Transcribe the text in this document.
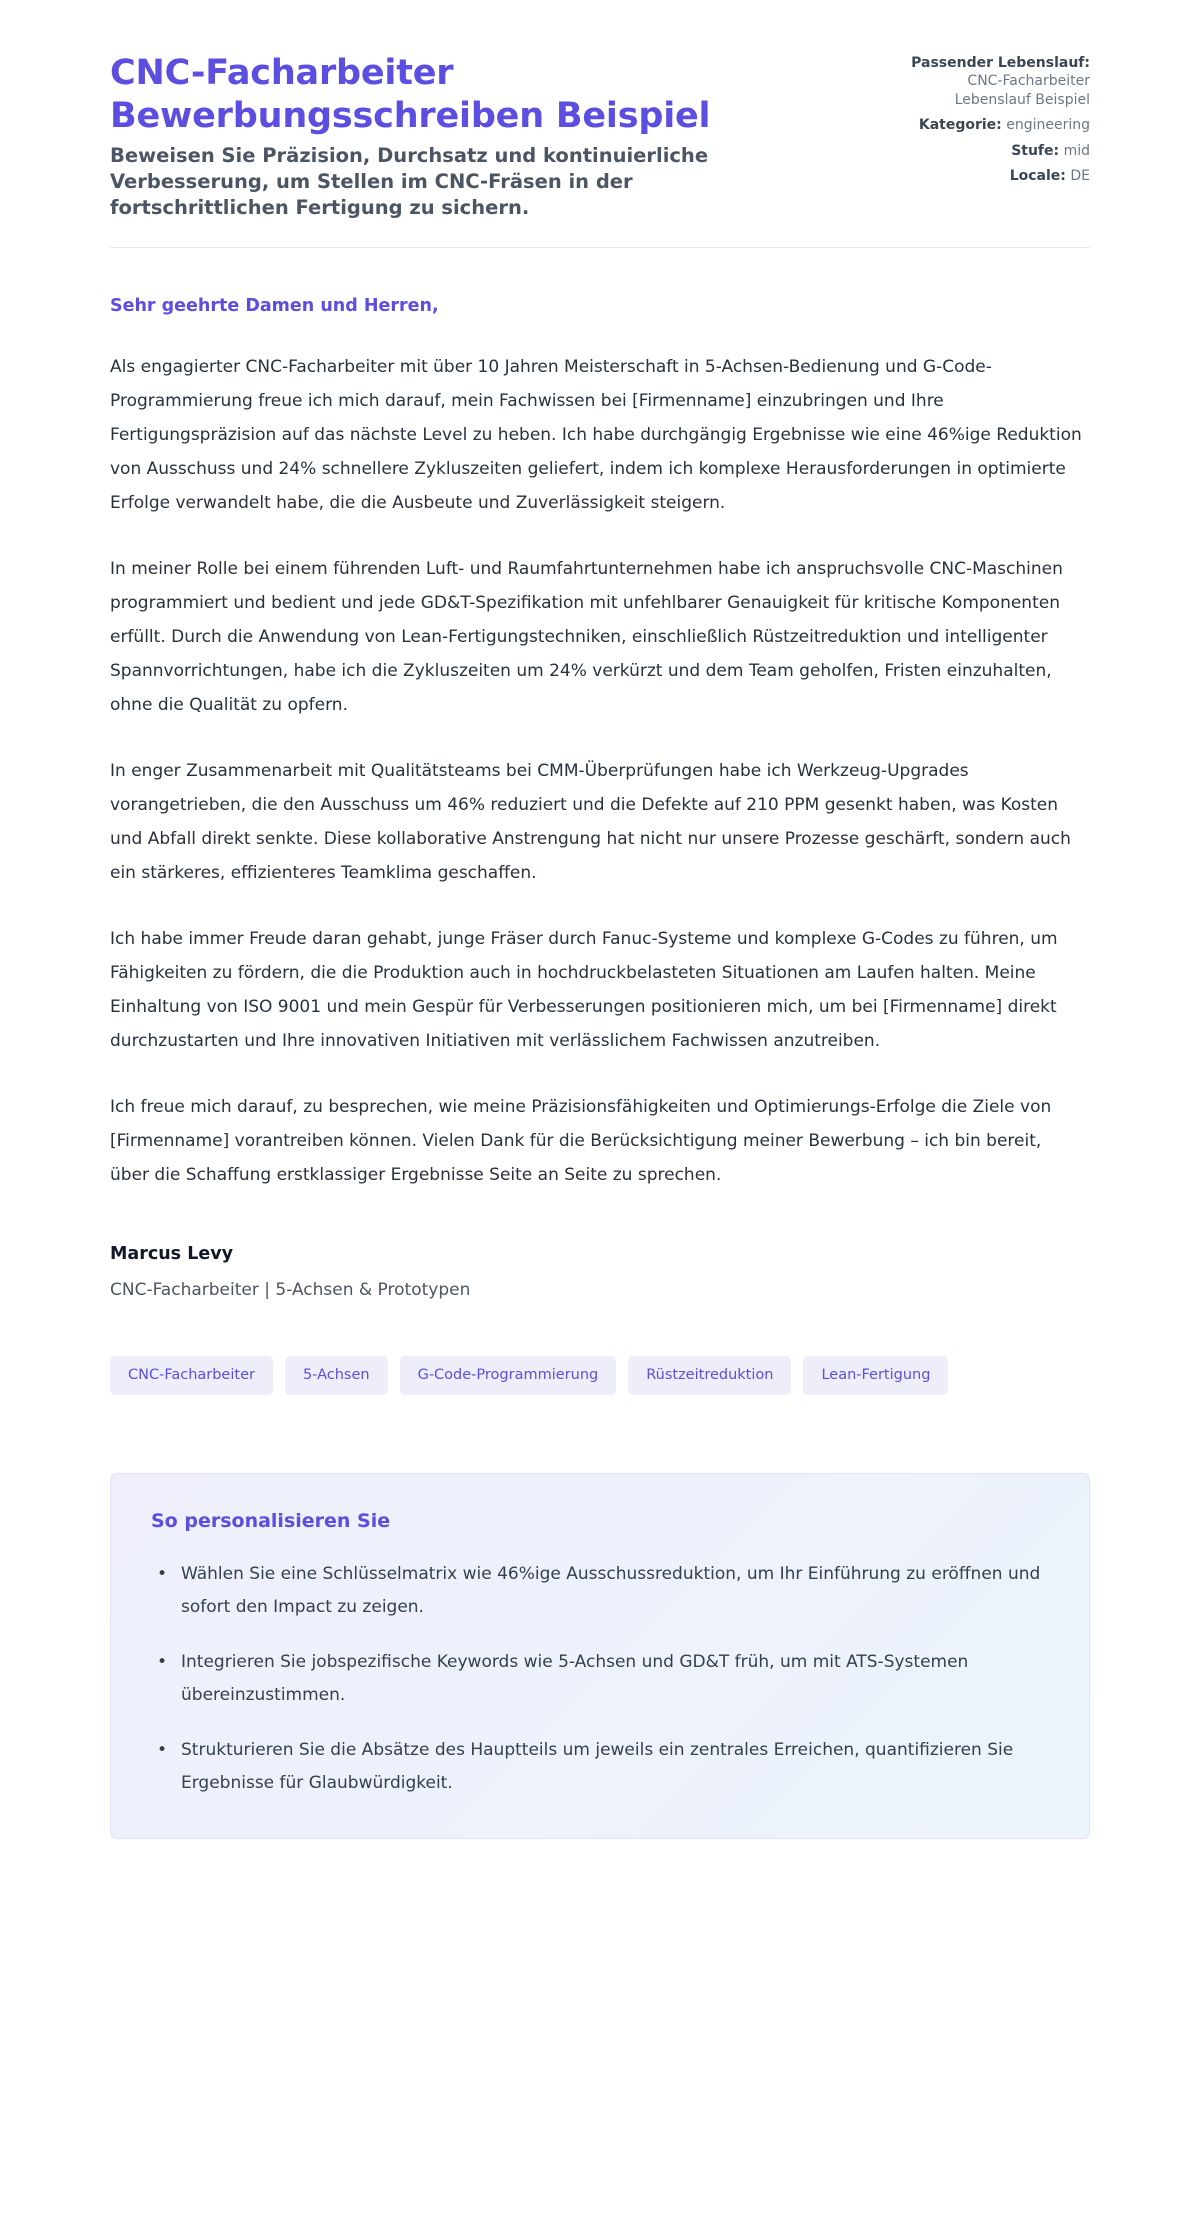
CNC-Facharbeiter Bewerbungsschreiben Beispiel

Beweisen Sie Präzision, Durchsatz und kontinuierliche Verbesserung, um Stellen im CNC-Fräsen in der fortschrittlichen Fertigung zu sichern.

Passender Lebenslauf: CNC-Facharbeiter Lebenslauf Beispiel
Kategorie: engineering
Stufe: mid
Locale: DE

Sehr geehrte Damen und Herren,

Als engagierter CNC-Facharbeiter mit über 10 Jahren Meisterschaft in 5-Achsen-Bedienung und G-Code-Programmierung freue ich mich darauf, mein Fachwissen bei [Firmenname] einzubringen und Ihre Fertigungspräzision auf das nächste Level zu heben. Ich habe durchgängig Ergebnisse wie eine 46%ige Reduktion von Ausschuss und 24% schnellere Zykluszeiten geliefert, indem ich komplexe Herausforderungen in optimierte Erfolge verwandelt habe, die die Ausbeute und Zuverlässigkeit steigern.

In meiner Rolle bei einem führenden Luft- und Raumfahrtunternehmen habe ich anspruchsvolle CNC-Maschinen programmiert und bedient und jede GD&T-Spezifikation mit unfehlbarer Genauigkeit für kritische Komponenten erfüllt. Durch die Anwendung von Lean-Fertigungstechniken, einschließlich Rüstzeitreduktion und intelligenter Spannvorrichtungen, habe ich die Zykluszeiten um 24% verkürzt und dem Team geholfen, Fristen einzuhalten, ohne die Qualität zu opfern.

In enger Zusammenarbeit mit Qualitätsteams bei CMM-Überprüfungen habe ich Werkzeug-Upgrades vorangetrieben, die den Ausschuss um 46% reduziert und die Defekte auf 210 PPM gesenkt haben, was Kosten und Abfall direkt senkte. Diese kollaborative Anstrengung hat nicht nur unsere Prozesse geschärft, sondern auch ein stärkeres, effizienteres Teamklima geschaffen.

Ich habe immer Freude daran gehabt, junge Fräser durch Fanuc-Systeme und komplexe G-Codes zu führen, um Fähigkeiten zu fördern, die die Produktion auch in hochdruckbelasteten Situationen am Laufen halten. Meine Einhaltung von ISO 9001 und mein Gespür für Verbesserungen positionieren mich, um bei [Firmenname] direkt durchzustarten und Ihre innovativen Initiativen mit verlässlichem Fachwissen anzutreiben.

Ich freue mich darauf, zu besprechen, wie meine Präzisionsfähigkeiten und Optimierungs-Erfolge die Ziele von [Firmenname] vorantreiben können. Vielen Dank für die Berücksichtigung meiner Bewerbung – ich bin bereit, über die Schaffung erstklassiger Ergebnisse Seite an Seite zu sprechen.

Marcus Levy

CNC-Facharbeiter | 5-Achsen & Prototypen

CNC-Facharbeiter	5-Achsen	G-Code-Programmierung	Rüstzeitreduktion	Lean-Fertigung
So personalisieren Sie
• Wählen Sie eine Schlüsselmatrix wie 46%ige Ausschussreduktion, um Ihr Einführung zu eröffnen und sofort den Impact zu zeigen.
• Integrieren Sie jobspezifische Keywords wie 5-Achsen und GD&T früh, um mit ATS-Systemen übereinzustimmen.
• Strukturieren Sie die Absätze des Hauptteils um jeweils ein zentrales Erreichen, quantifizieren Sie Ergebnisse für Glaubwürdigkeit.
